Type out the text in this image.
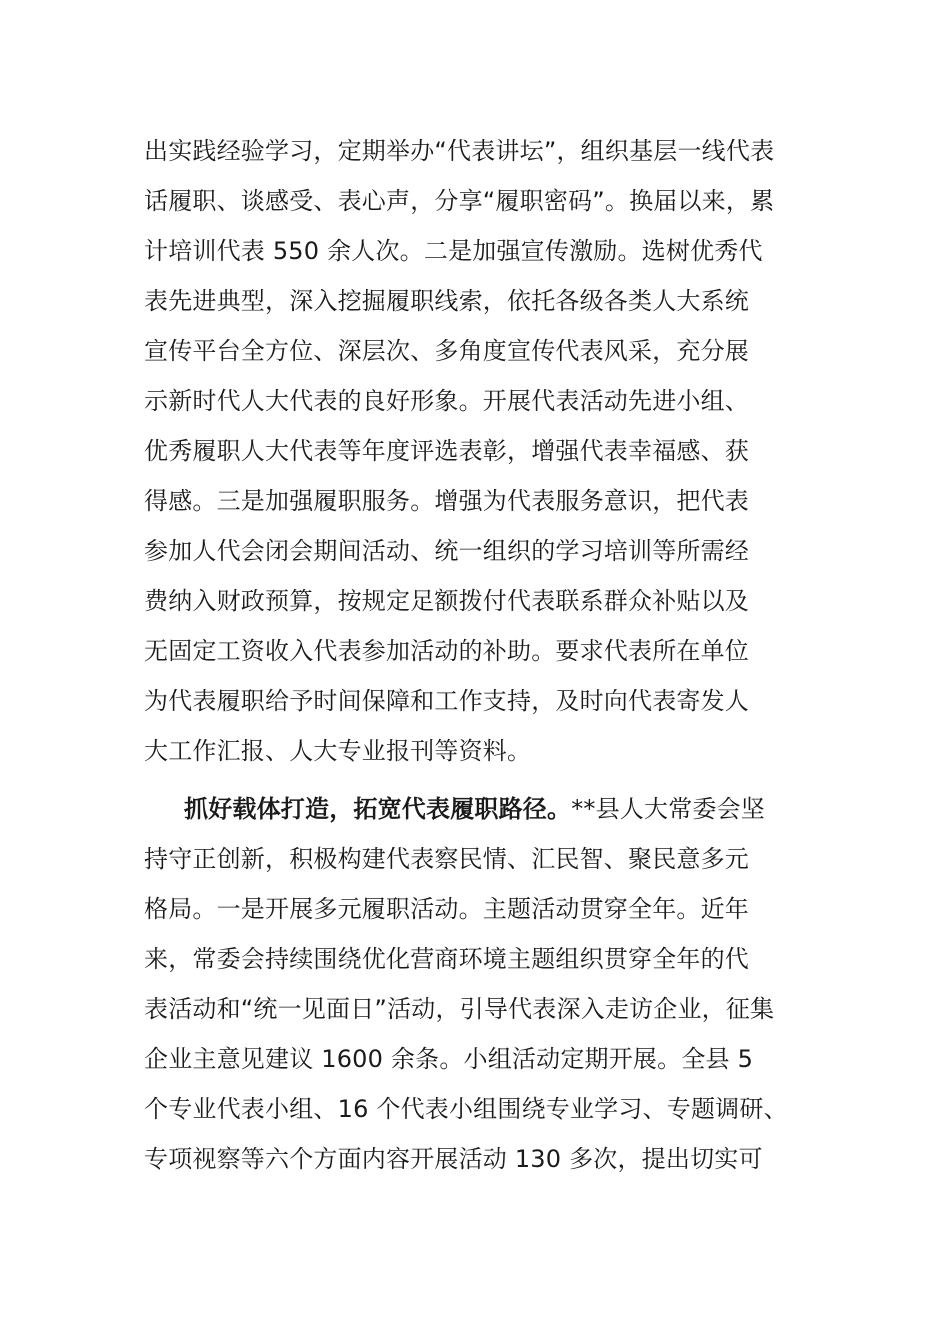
出实践经验学习，定期举办“代表讲坛”，组织基层一线代表
话履职、谈感受、表心声，分享“履职密码”。换届以来，累
计培训代表 550 余人次。二是加强宣传激励。选树优秀代
表先进典型，深入挖掘履职线索，依托各级各类人大系统
宣传平台全方位、深层次、多角度宣传代表风采，充分展
示新时代人大代表的良好形象。开展代表活动先进小组、
优秀履职人大代表等年度评选表彰，增强代表幸福感、获
得感。三是加强履职服务。增强为代表服务意识，把代表
参加人代会闭会期间活动、统一组织的学习培训等所需经
费纳入财政预算，按规定足额拨付代表联系群众补贴以及
无固定工资收入代表参加活动的补助。要求代表所在单位
为代表履职给予时间保障和工作支持，及时向代表寄发人
大工作汇报、人大专业报刊等资料。
抓好载体打造，拓宽代表履职路径。**县人大常委会坚
持守正创新，积极构建代表察民情、汇民智、聚民意多元
格局。一是开展多元履职活动。主题活动贯穿全年。近年
来，常委会持续围绕优化营商环境主题组织贯穿全年的代
表活动和“统一见面日”活动，引导代表深入走访企业，征集
企业主意见建议 1600 余条。小组活动定期开展。全县 5
个专业代表小组、16 个代表小组围绕专业学习、专题调研、
专项视察等六个方面内容开展活动 130 多次，提出切实可
